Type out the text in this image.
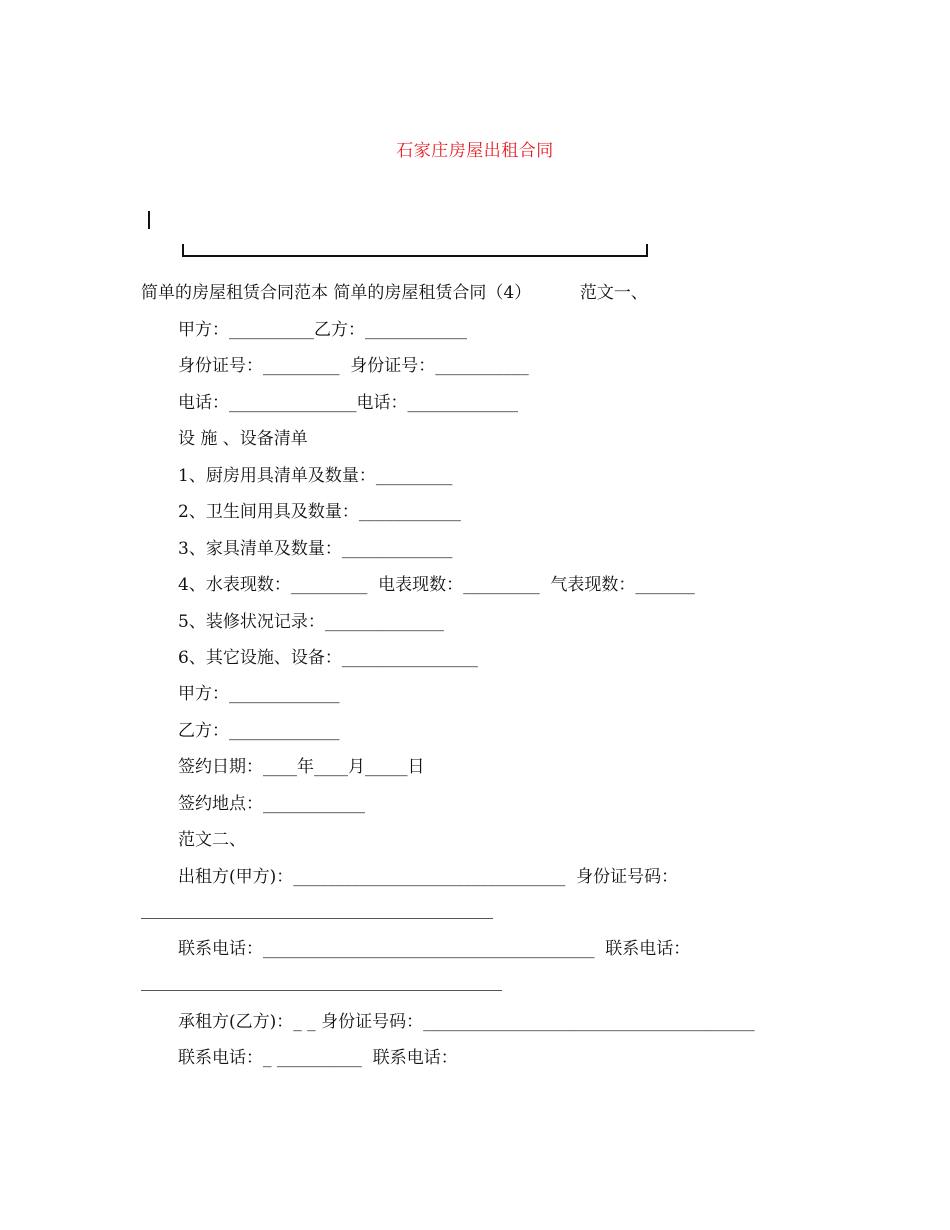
石家庄房屋出租合同
简单的房屋租赁合同范本 简单的房屋租赁合同（4）         范文一、
甲方：__________乙方：____________
身份证号：_________  身份证号：___________
电话：_______________电话：_____________
设 施 、设备清单
1、厨房用具清单及数量：_________
2、卫生间用具及数量：____________
3、家具清单及数量：_____________
4、水表现数：_________  电表现数：_________  气表现数：_______
5、装修状况记录：______________
6、其它设施、设备：________________
甲方：_____________
乙方：_____________
签约日期：____年____月_____日
签约地点：____________
范文二、
出租方(甲方)：________________________________  身份证号码：
联系电话：_______________________________________  联系电话：
承租方(乙方)：_ _ 身份证号码：_______________________________________
联系电话：_ __________  联系电话：
